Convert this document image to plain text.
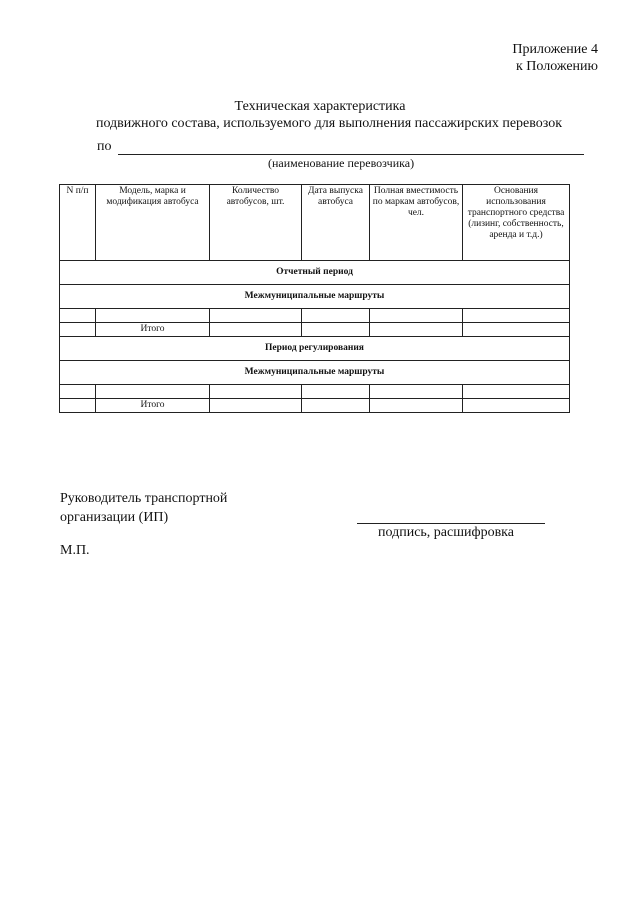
Приложение 4
к Положению
Техническая характеристика
подвижного состава, используемого для выполнения пассажирских перевозок
по
(наименование перевозчика)
N п/п	Модель, марка и модификация автобуса	Количество автобусов, шт.	Дата выпуска автобуса	Полная вместимость по маркам автобусов, чел.	Основания использования транспортного средства (лизинг, собственность, аренда и т.д.)
Отчетный период					
Межмуниципальные маршруты					

	Итого				
Период регулирования					
Межмуниципальные маршруты					

	Итого				
Руководитель транспортной
организации (ИП)
подпись, расшифровка
М.П.
